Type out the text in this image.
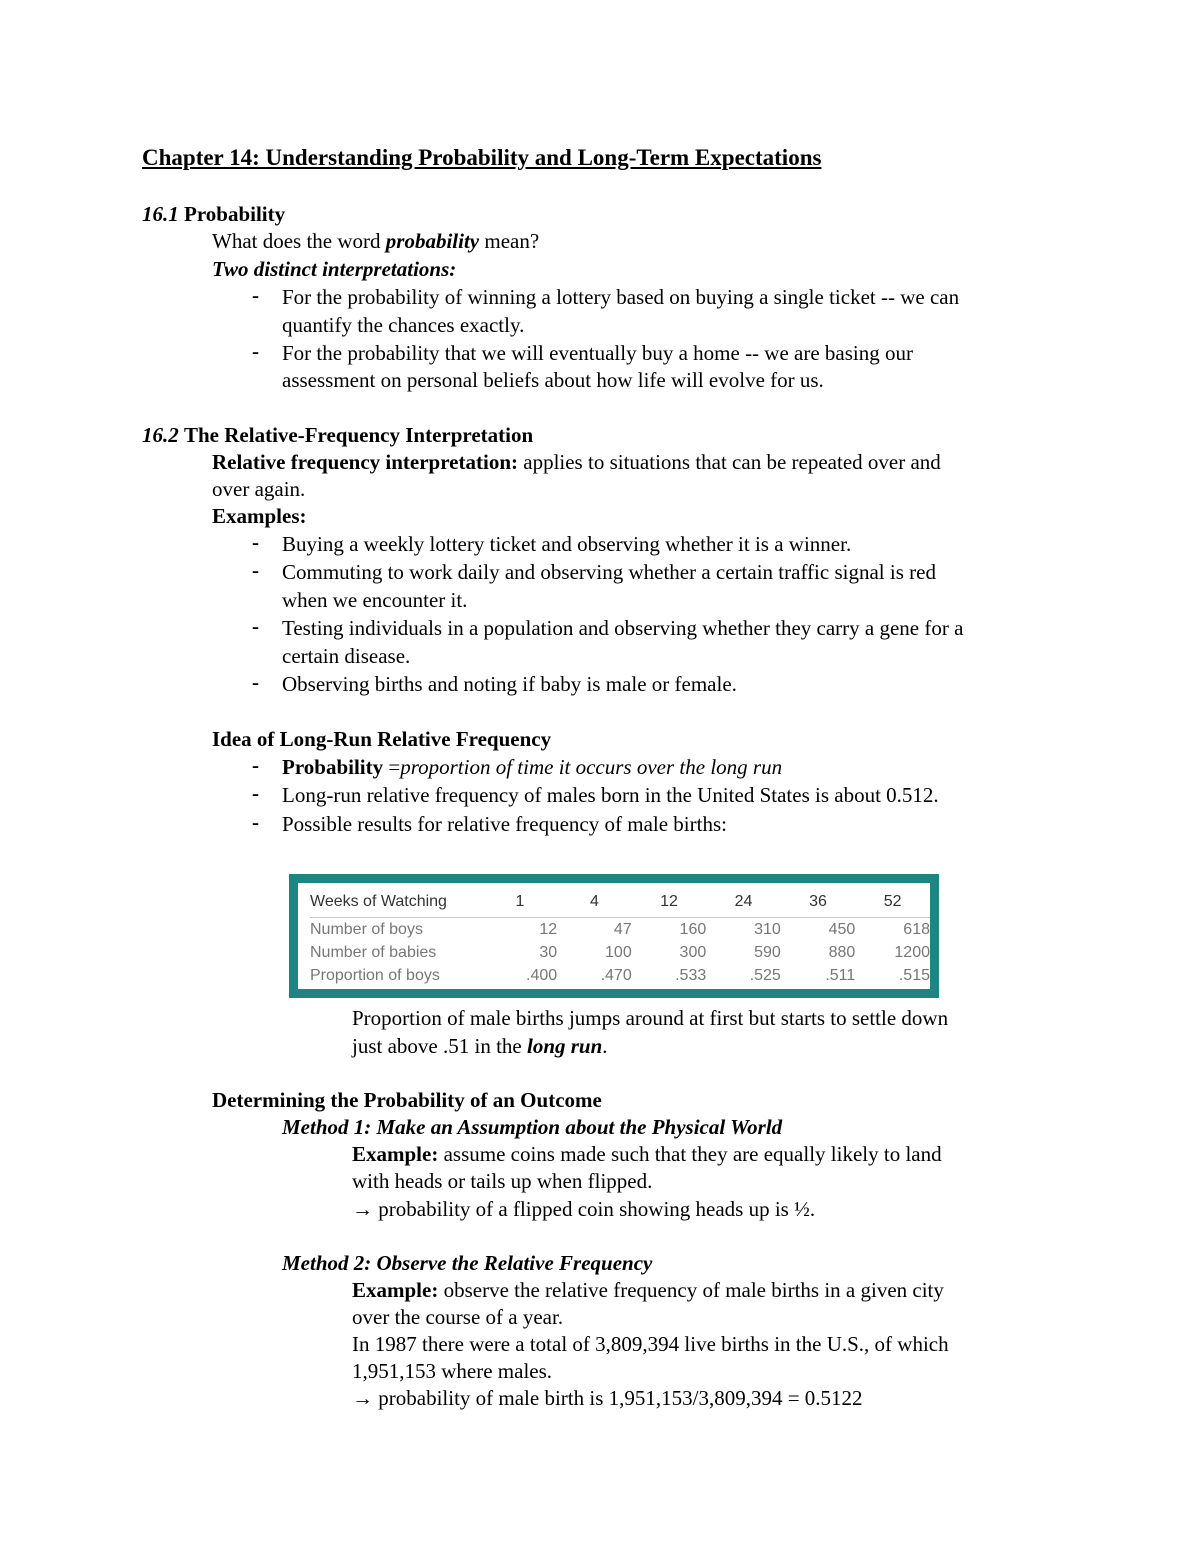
Chapter 14: Understanding Probability and Long-Term Expectations
16.1 Probability
What does the word probability mean?
Two distinct interpretations:
- For the probability of winning a lottery based on buying a single ticket -- we can
quantify the chances exactly.
- For the probability that we will eventually buy a home -- we are basing our
assessment on personal beliefs about how life will evolve for us.
16.2 The Relative-Frequency Interpretation
Relative frequency interpretation: applies to situations that can be repeated over and
over again.
Examples:
- Buying a weekly lottery ticket and observing whether it is a winner.
- Commuting to work daily and observing whether a certain traffic signal is red
when we encounter it.
- Testing individuals in a population and observing whether they carry a gene for a
certain disease.
- Observing births and noting if baby is male or female.
Idea of Long-Run Relative Frequency
- Probability =proportion of time it occurs over the long run
- Long-run relative frequency of males born in the United States is about 0.512.
- Possible results for relative frequency of male births:
Weeks of Watching	1	4	12	24	36	52
Number of boys	12	47	160	310	450	618
Number of babies	30	100	300	590	880	1200
Proportion of boys	.400	.470	.533	.525	.511	.515
Proportion of male births jumps around at first but starts to settle down
just above .51 in the long run.
Determining the Probability of an Outcome
Method 1: Make an Assumption about the Physical World
Example: assume coins made such that they are equally likely to land
with heads or tails up when flipped.
→ probability of a flipped coin showing heads up is ½.
Method 2: Observe the Relative Frequency
Example: observe the relative frequency of male births in a given city
over the course of a year.
In 1987 there were a total of 3,809,394 live births in the U.S., of which
1,951,153 where males.
→ probability of male birth is 1,951,153/3,809,394 = 0.5122
